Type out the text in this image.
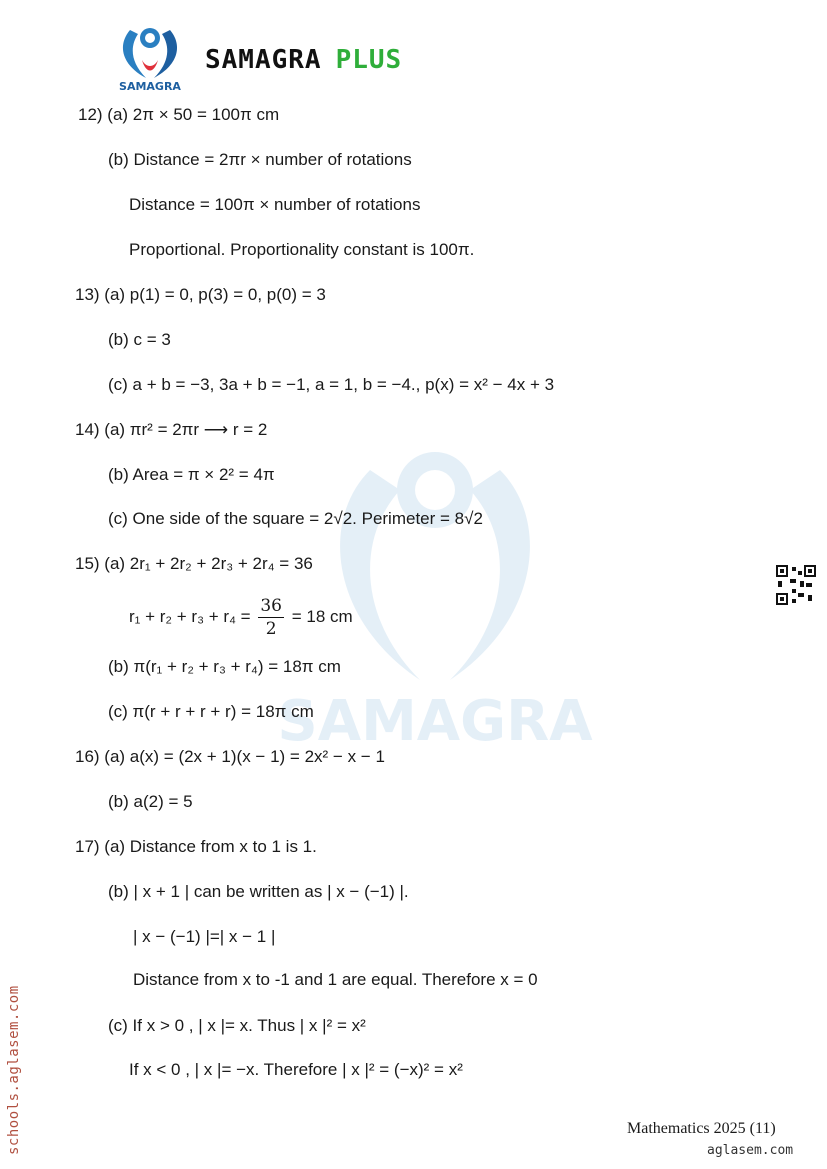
SAMAGRA
SAMAGRA
SAMAGRA PLUS
12) (a) 2π × 50 = 100π cm
(b) Distance = 2πr × number of rotations
Distance = 100π × number of rotations
Proportional. Proportionality constant is 100π.
13) (a) p(1) = 0, p(3) = 0, p(0) = 3
(b) c = 3
(c) a + b = −3, 3a + b = −1, a = 1, b = −4., p(x) = x² − 4x + 3
14) (a) πr² = 2πr ⟶ r = 2
(b) Area = π × 2² = 4π
(c) One side of the square = 2√2. Perimeter = 8√2
15) (a) 2r₁ + 2r₂ + 2r₃ + 2r₄ = 36
$r_1 + r_2 + r_3 + r_4 = \frac{36}{2} = 18$ cm
(b) π(r₁ + r₂ + r₃ + r₄) = 18π cm
(c) π(r + r + r + r) = 18π cm
16) (a) a(x) = (2x + 1)(x − 1) = 2x² − x − 1
(b) a(2) = 5
17) (a) Distance from x to 1 is 1.
(b) | x + 1 | can be written as | x − (−1) |.
| x − (−1) |=| x − 1 |
Distance from x to -1 and 1 are equal. Therefore x = 0
(c) If x > 0 , | x |= x. Thus | x |² = x²
If x < 0 , | x |= −x. Therefore | x |² = (−x)² = x²
schools.aglasem.com	Mathematics 2025 (11)
aglasem.com
